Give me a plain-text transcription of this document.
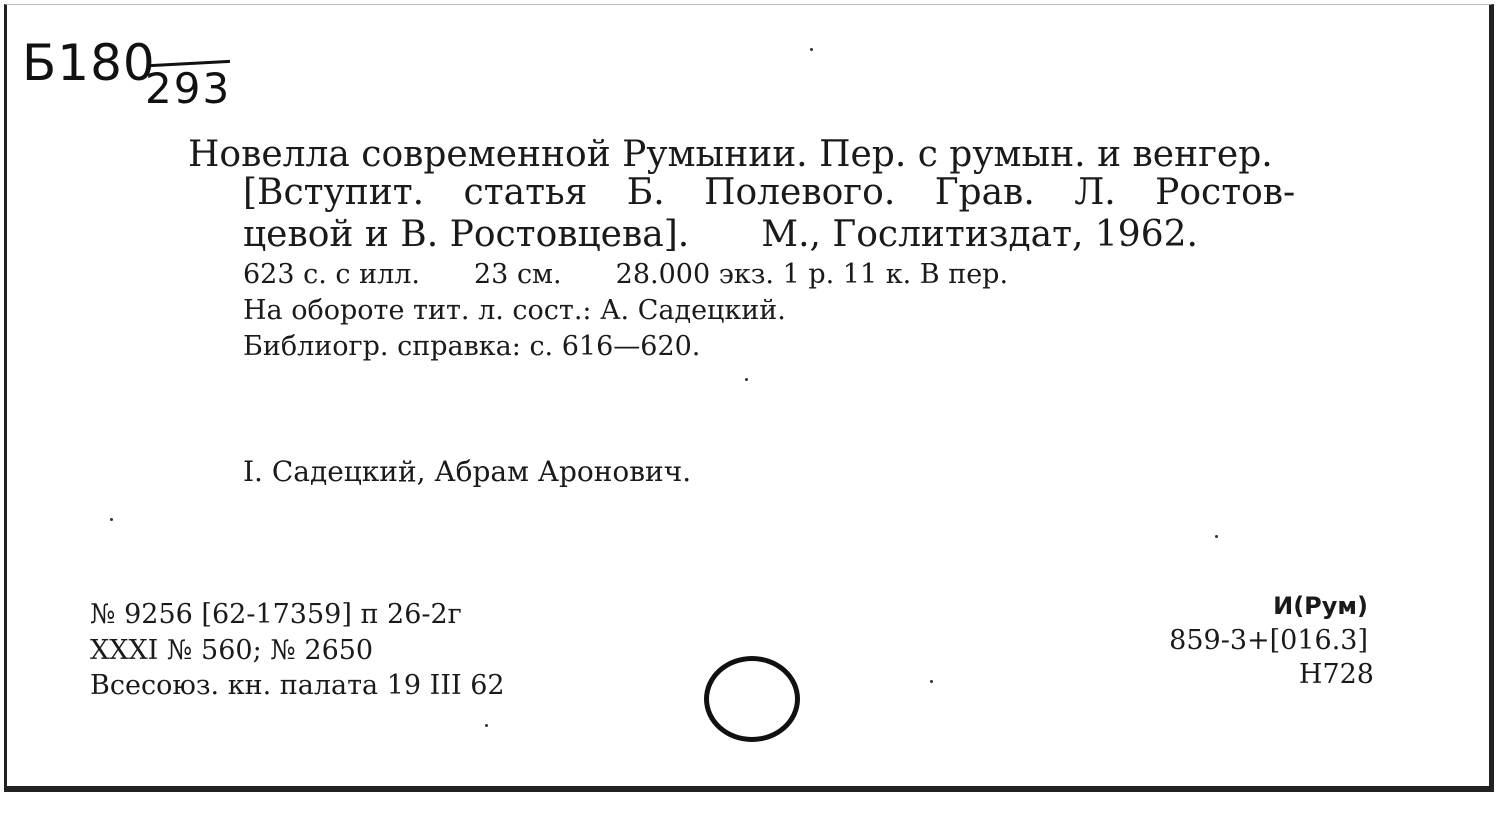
Б180
293
Новелла современной Румынии. Пер. с румын. и венгер.
[Вступит. статья Б. Полевого. Грав. Л. Ростов-
цевой и В. Ростовцева]. М., Гослитиздат, 1962.
623 с. с илл. 23 см. 28.000 экз. 1 р. 11 к. В пер.
На обороте тит. л. сост.: А. Садецкий.
Библиогр. справка: с. 616—620.
I. Садецкий, Абрам Аронович.
№ 9256 [62-17359] п 26-2г
XXXI № 560; № 2650
Всесоюз. кн. палата 19 III 62
И(Рум)
859-3+[016.3]
Н728
